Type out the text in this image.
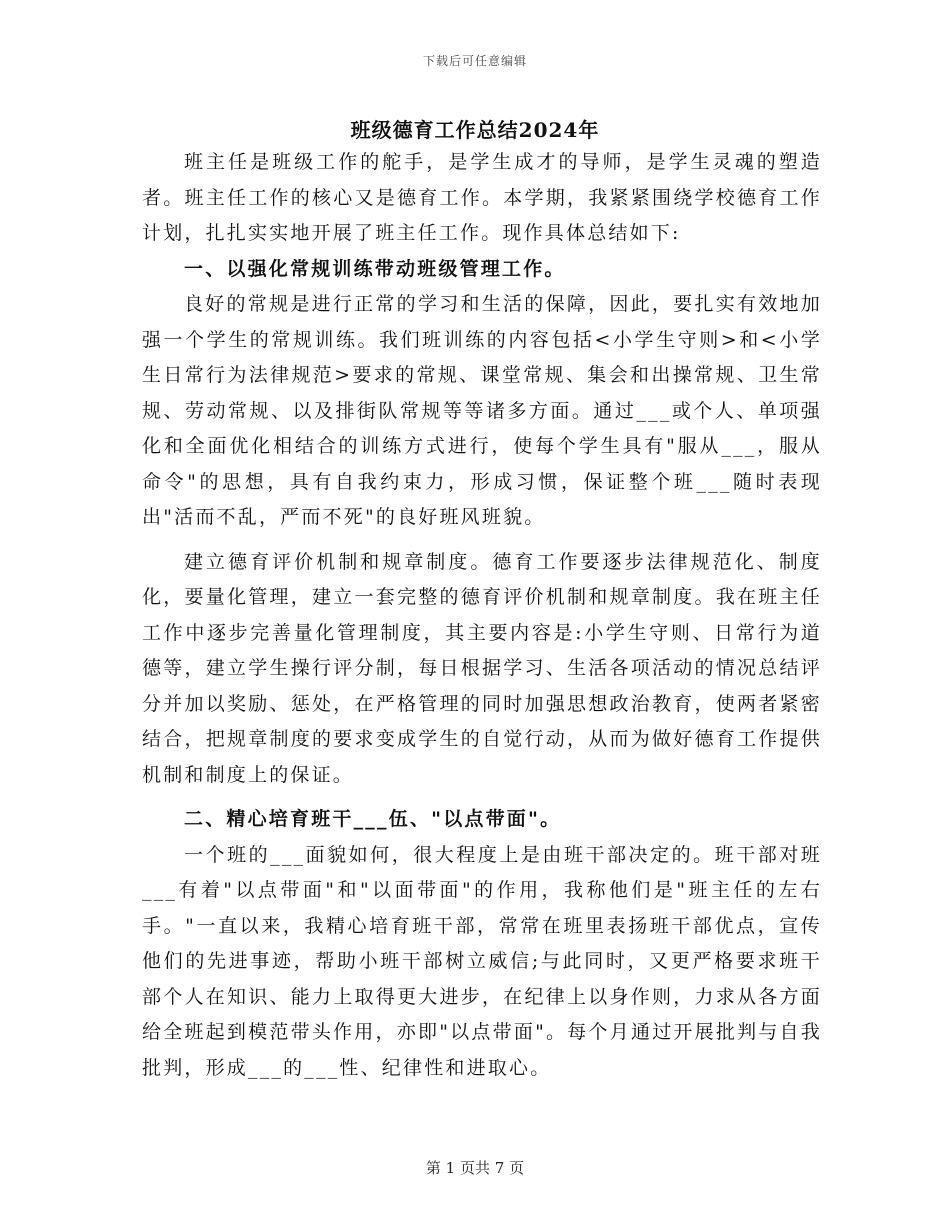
下载后可任意编辑
班级德育工作总结2024年

班主任是班级工作的舵手，是学生成才的导师，是学生灵魂的塑造者。班主任工作的核心又是德育工作。本学期，我紧紧围绕学校德育工作计划，扎扎实实地开展了班主任工作。现作具体总结如下:

一、以强化常规训练带动班级管理工作。

良好的常规是进行正常的学习和生活的保障，因此，要扎实有效地加强一个学生的常规训练。我们班训练的内容包括<小学生守则>和<小学生日常行为法律规范>要求的常规、课堂常规、集会和出操常规、卫生常规、劳动常规、以及排街队常规等等诸多方面。通过___或个人、单项强化和全面优化相结合的训练方式进行，使每个学生具有"服从___，服从命令"的思想，具有自我约束力，形成习惯，保证整个班___随时表现出"活而不乱，严而不死"的良好班风班貌。

建立德育评价机制和规章制度。德育工作要逐步法律规范化、制度化，要量化管理，建立一套完整的德育评价机制和规章制度。我在班主任工作中逐步完善量化管理制度，其主要内容是:小学生守则、日常行为道德等，建立学生操行评分制，每日根据学习、生活各项活动的情况总结评分并加以奖励、惩处，在严格管理的同时加强思想政治教育，使两者紧密结合，把规章制度的要求变成学生的自觉行动，从而为做好德育工作提供机制和制度上的保证。

二、精心培育班干___伍、"以点带面"。

一个班的___面貌如何，很大程度上是由班干部决定的。班干部对班___有着"以点带面"和"以面带面"的作用，我称他们是"班主任的左右手。"一直以来，我精心培育班干部，常常在班里表扬班干部优点，宣传他们的先进事迹，帮助小班干部树立威信;与此同时，又更严格要求班干部个人在知识、能力上取得更大进步，在纪律上以身作则，力求从各方面给全班起到模范带头作用，亦即"以点带面"。每个月通过开展批判与自我批判，形成___的___性、纪律性和进取心。

第 1 页共 7 页
